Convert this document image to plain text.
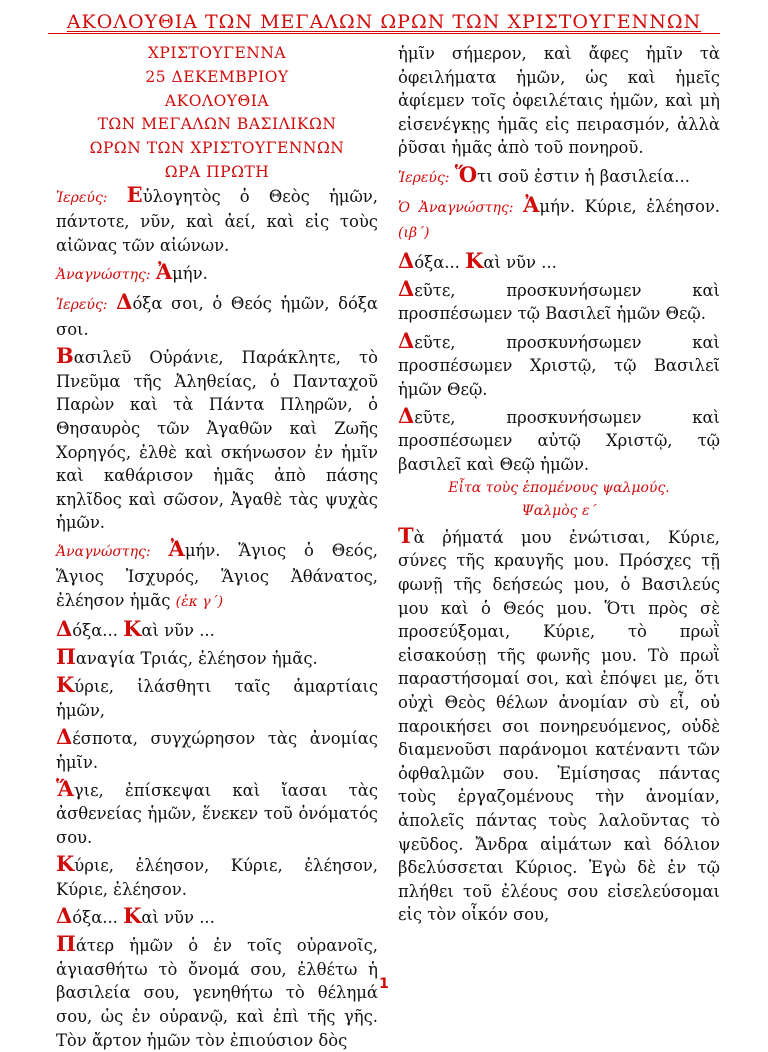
ΑΚΟΛΟΥΘΙΑ ΤΩΝ ΜΕΓΑΛΩΝ ΩΡΩΝ ΤΩΝ ΧΡΙΣΤΟΥΓΕΝΝΩΝ
ΧΡΙΣΤΟΥΓΕΝΝΑ
25 ΔΕΚΕΜΒΡΙΟΥ
ΑΚΟΛΟΥΘΙΑ
ΤΩΝ ΜΕΓΑΛΩΝ ΒΑΣΙΛΙΚΩΝ
ΩΡΩΝ ΤΩΝ ΧΡΙΣΤΟΥΓΕΝΝΩΝ
ΩΡΑ ΠΡΩΤΗ

Ἱερεύς: Εὐλογητὸς ὁ Θεὸς ἡμῶν, πάντοτε, νῦν, καὶ ἀεί, καὶ εἰς τοὺς αἰῶνας τῶν αἰώνων.

Ἀναγνώστης: Ἀμήν.

Ἱερεύς: Δόξα σοι, ὁ Θεός ἡμῶν, δόξα σοι.

Βασιλεῦ Οὐράνιε, Παράκλητε, τὸ Πνεῦμα τῆς Ἀληθείας, ὁ Πανταχοῦ Παρὼν καὶ τὰ Πάντα Πληρῶν, ὁ Θησαυρὸς τῶν Ἀγαθῶν καὶ Ζωῆς Χορηγός, ἐλθὲ καὶ σκήνωσον ἐν ἡμῖν καὶ καθάρισον ἡμᾶς ἀπὸ πάσης κηλῖδος καὶ σῶσον, Ἀγαθὲ τὰς ψυχὰς ἡμῶν.

Ἀναγνώστης: Ἀμήν. Ἅγιος ὁ Θεός, Ἅγιος Ἰσχυρός, Ἅγιος Ἀθάνατος, ἐλέησον ἡμᾶς (ἐκ γ΄)

Δόξα... Καὶ νῦν ...

Παναγία Τριάς, ἐλέησον ἡμᾶς.

Κύριε, ἱλάσθητι ταῖς ἁμαρτίαις ἡμῶν,

Δέσποτα, συγχώρησον τὰς ἀνομίας ἡμῖν.

Ἅγιε, ἐπίσκεψαι καὶ ἴασαι τὰς ἀσθενείας ἡμῶν, ἕνεκεν τοῦ ὀνόματός σου.

Κύριε, ἐλέησον, Κύριε, ἐλέησον, Κύριε, ἐλέησον.

Δόξα... Καὶ νῦν ...

Πάτερ ἡμῶν ὁ ἐν τοῖς οὐρανοῖς, ἁγιασθήτω τὸ ὄνομά σου, ἐλθέτω ἡ βασιλεία σου, γενηθήτω τὸ θέλημά σου, ὡς ἐν οὐρανῷ, καὶ ἐπὶ τῆς γῆς. Τὸν ἄρτον ἡμῶν τὸν ἐπιούσιον δὸς

ἡμῖν σήμερον, καὶ ἄφες ἡμῖν τὰ ὀφειλήματα ἡμῶν, ὡς καὶ ἡμεῖς ἀφίεμεν τοῖς ὀφειλέταις ἡμῶν, καὶ μὴ εἰσενέγκῃς ἡμᾶς εἰς πειρασμόν, ἀλλὰ ῥῦσαι ἡμᾶς ἀπὸ τοῦ πονηροῦ.

Ἱερεύς: Ὅτι σοῦ ἐστιν ἡ βασιλεία...

Ὁ Ἀναγνώστης: Ἀμήν. Κύριε, ἐλέησον. (ιβ΄)

Δόξα... Καὶ νῦν ...

Δεῦτε, προσκυνήσωμεν καὶ προσπέσωμεν τῷ Βασιλεῖ ἡμῶν Θεῷ.

Δεῦτε, προσκυνήσωμεν καὶ προσπέσωμεν Χριστῷ, τῷ Βασιλεῖ ἡμῶν Θεῷ.

Δεῦτε, προσκυνήσωμεν καὶ προσπέσωμεν αὐτῷ Χριστῷ, τῷ βασιλεῖ καὶ Θεῷ ἡμῶν.

Εἶτα τοὺς ἑπομένους ψαλμούς.
Ψαλμὸς ε΄

Τὰ ῥήματά μου ἐνώτισαι, Κύριε, σύνες τῆς κραυγῆς μου. Πρόσχες τῇ φωνῇ τῆς δεήσεώς μου, ὁ Βασιλεύς μου καὶ ὁ Θεός μου. Ὅτι πρὸς σὲ προσεύξομαι, Κύριε, τὸ πρωῒ εἰσακούσῃ τῆς φωνῆς μου. Τὸ πρωῒ παραστήσομαί σοι, καὶ ἐπόψει με, ὅτι οὐχὶ Θεὸς θέλων ἀνομίαν σὺ εἶ, οὐ παροικήσει σοι πονηρευόμενος, οὐδὲ διαμενοῦσι παράνομοι κατέναντι τῶν ὀφθαλμῶν σου. Ἐμίσησας πάντας τοὺς ἐργαζομένους τὴν ἀνομίαν, ἀπολεῖς πάντας τοὺς λαλοῦντας τὸ ψεῦδος. Ἄνδρα αἱμάτων καὶ δόλιον βδελύσσεται Κύριος. Ἐγὼ δὲ ἐν τῷ πλήθει τοῦ ἐλέους σου εἰσελεύσομαι εἰς τὸν οἶκόν σου,

1
